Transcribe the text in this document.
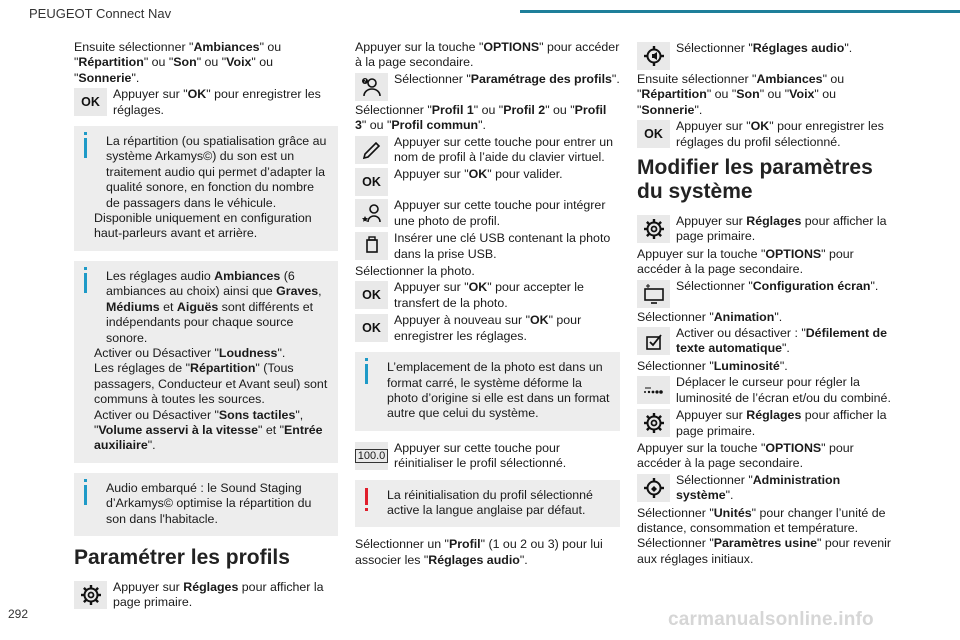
PEUGEOT Connect Nav

Ensuite sélectionner "Ambiances" ou "Répartition" ou "Son" ou "Voix" ou "Sonnerie".

OK
Appuyer sur "OK" pour enregistrer les réglages.

La répartition (ou spatialisation grâce au système Arkamys©) du son est un traitement audio qui permet d’adapter la qualité sonore, en fonction du nombre de passagers dans le véhicule.

Disponible uniquement en configuration haut-parleurs avant et arrière.

Les réglages audio Ambiances (6 ambiances au choix) ainsi que Graves, Médiums et Aiguës sont différents et indépendants pour chaque source sonore.

Activer ou Désactiver "Loudness".

Les réglages de "Répartition" (Tous passagers, Conducteur et Avant seul) sont communs à toutes les sources.

Activer ou Désactiver "Sons tactiles", "Volume asservi à la vitesse" et "Entrée auxiliaire".

Audio embarqué : le Sound Staging d’Arkamys© optimise la répartition du son dans l'habitacle.

Paramétrer les profils
Appuyer sur Réglages pour afficher la page primaire.

Appuyer sur la touche "OPTIONS" pour accéder à la page secondaire.

? Sélectionner "Paramétrage des profils".

Sélectionner "Profil 1" ou "Profil 2" ou "Profil 3" ou "Profil commun".

Appuyer sur cette touche pour entrer un nom de profil à l’aide du clavier virtuel.
OK
Appuyer sur "OK" pour valider.
Appuyer sur cette touche pour intégrer une photo de profil.
Insérer une clé USB contenant la photo dans la prise USB.

Sélectionner la photo.

OK
Appuyer sur "OK" pour accepter le transfert de la photo.
OK
Appuyer à nouveau sur "OK" pour enregistrer les réglages.

L’emplacement de la photo est dans un format carré, le système déforme la photo d’origine si elle est dans un format autre que celui du système.

100.0
Appuyer sur cette touche pour réinitialiser le profil sélectionné.

La réinitialisation du profil sélectionné active la langue anglaise par défaut.

Sélectionner un "Profil" (1 ou 2 ou 3) pour lui associer les "Réglages audio".

Sélectionner "Réglages audio".

Ensuite sélectionner "Ambiances" ou "Répartition" ou "Son" ou "Voix" ou "Sonnerie".

OK
Appuyer sur "OK" pour enregistrer les réglages du profil sélectionné.
Modifier les paramètres du système
Appuyer sur Réglages pour afficher la page primaire.

Appuyer sur la touche "OPTIONS" pour accéder à la page secondaire.

Sélectionner "Configuration écran".

Sélectionner "Animation".

Activer ou désactiver : "Défilement de texte automatique".

Sélectionner "Luminosité".

Déplacer le curseur pour régler la luminosité de l’écran et/ou du combiné.
Appuyer sur Réglages pour afficher la page primaire.

Appuyer sur la touche "OPTIONS" pour accéder à la page secondaire.

Sélectionner "Administration système".

Sélectionner "Unités" pour changer l’unité de distance, consommation et température.

Sélectionner "Paramètres usine" pour revenir aux réglages initiaux.

292	carmanualsonline.info
